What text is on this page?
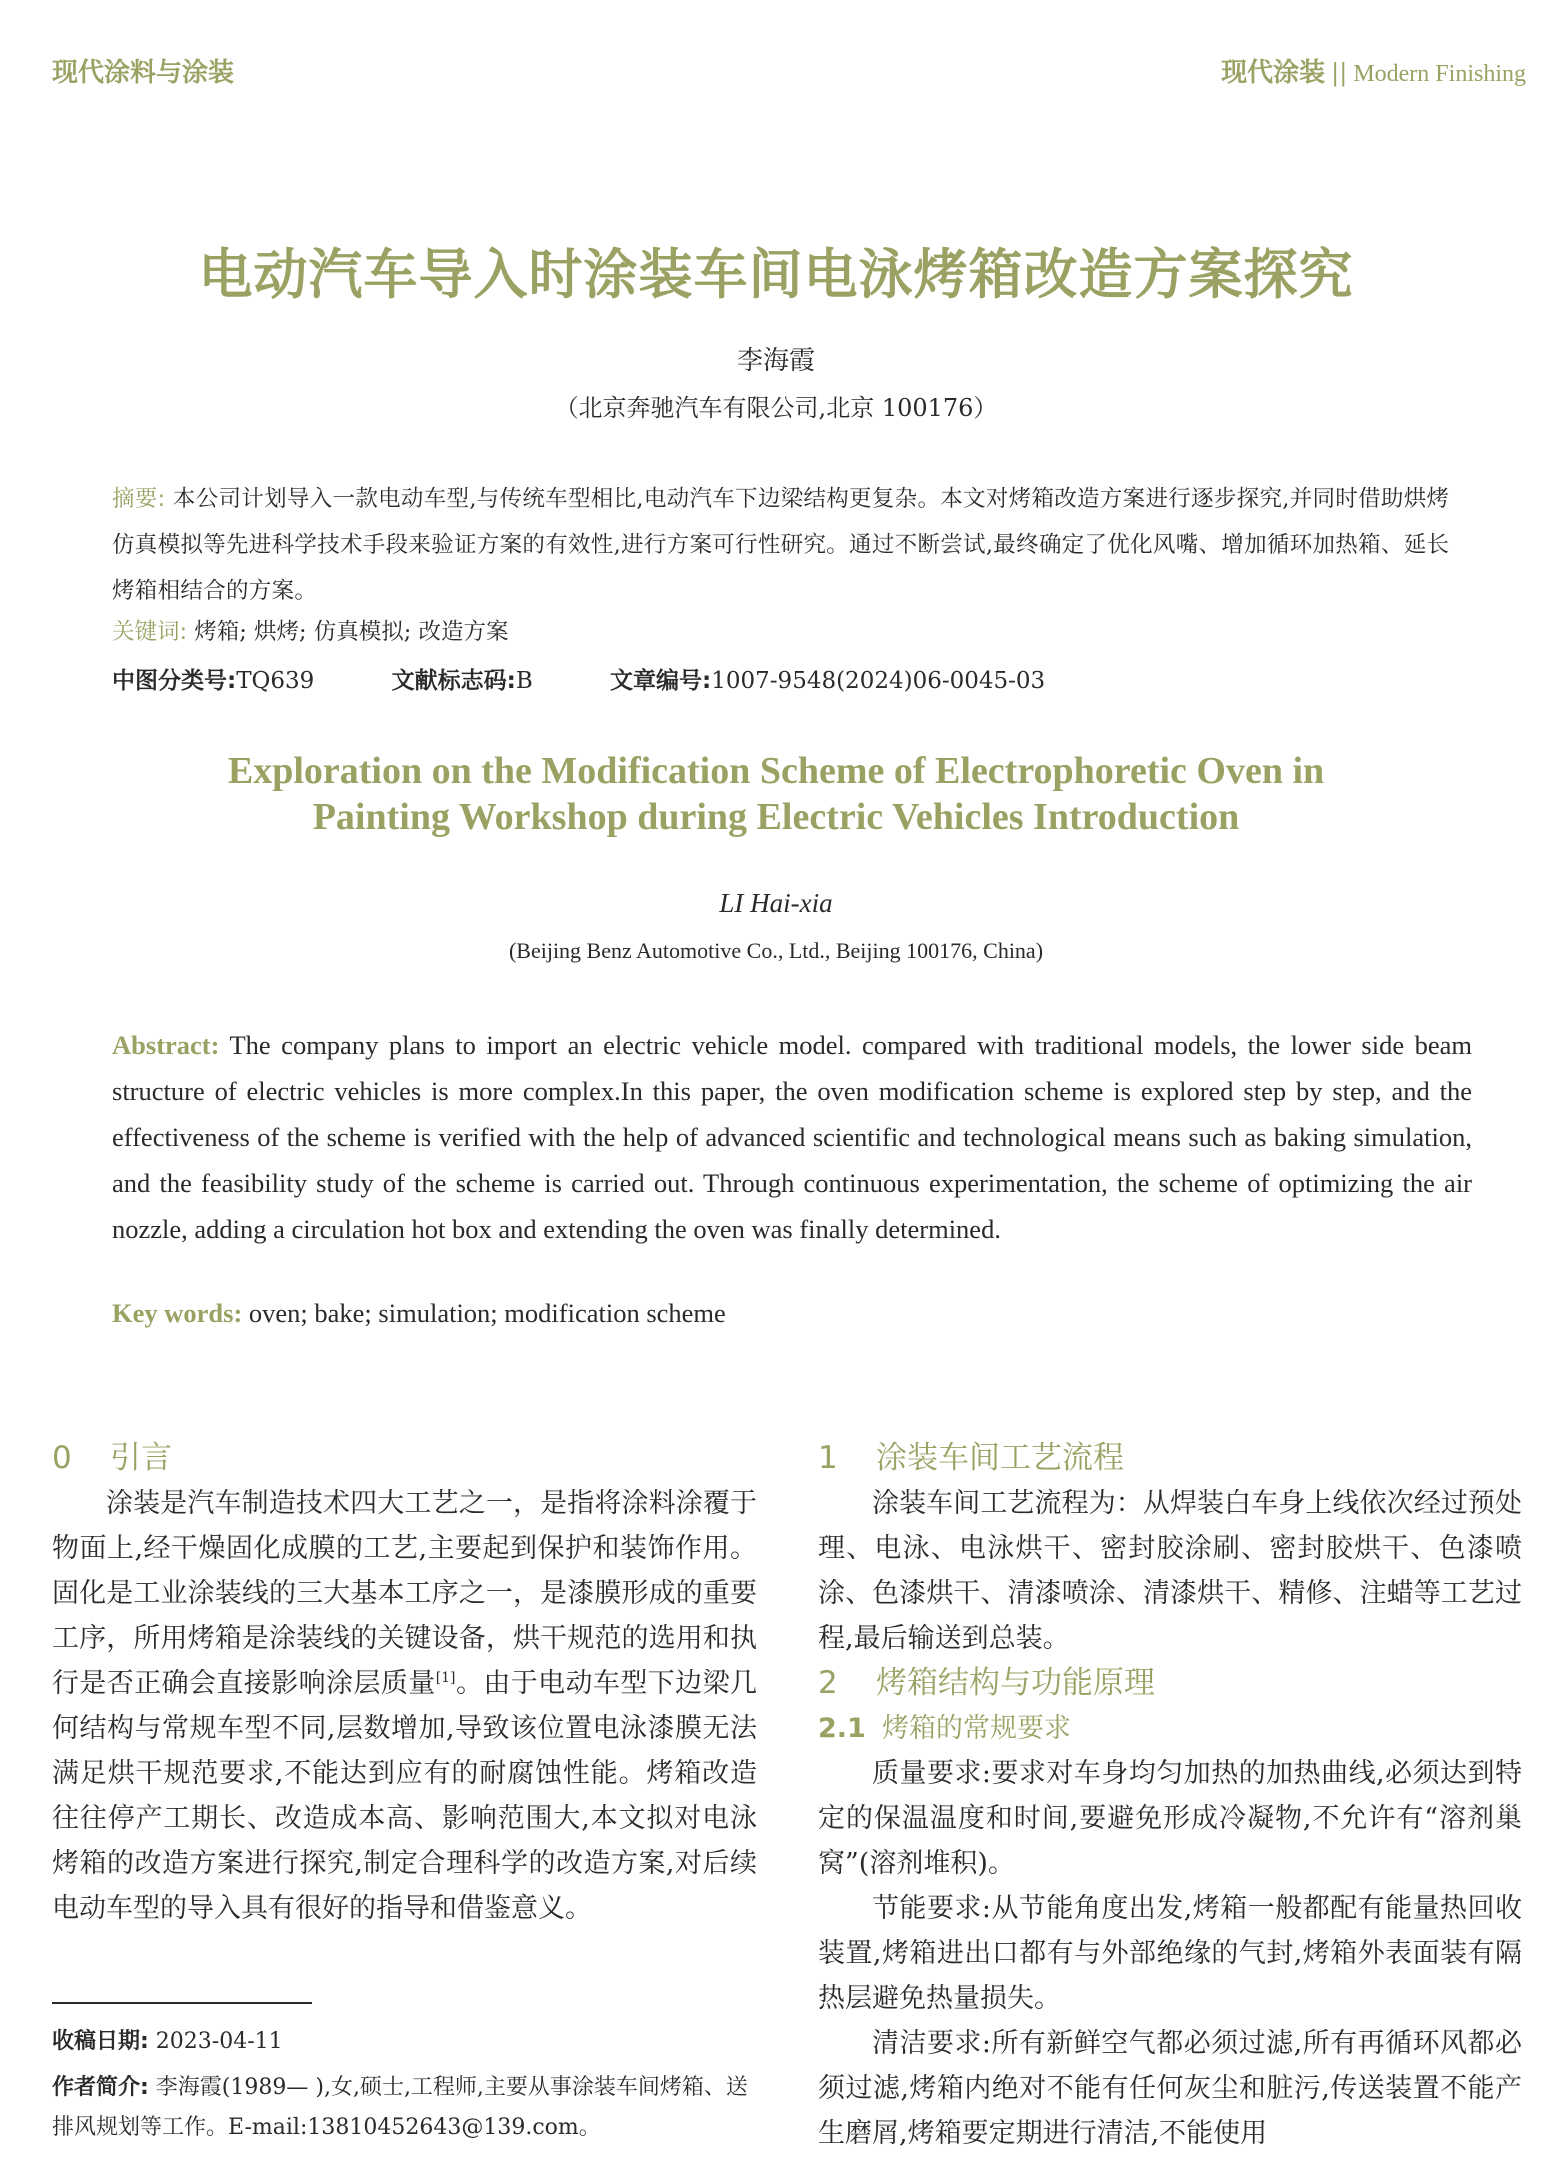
现代涂料与涂装	现代涂装 || Modern Finishing
电动汽车导入时涂装车间电泳烤箱改造方案探究
李海霞
（北京奔驰汽车有限公司,北京 100176）
摘要: 本公司计划导入一款电动车型,与传统车型相比,电动汽车下边梁结构更复杂。本文对烤箱改造方案进行逐步探究,并同时借助烘烤仿真模拟等先进科学技术手段来验证方案的有效性,进行方案可行性研究。通过不断尝试,最终确定了优化风嘴、增加循环加热箱、延长烤箱相结合的方案。
关键词: 烤箱; 烘烤; 仿真模拟; 改造方案
中图分类号:TQ639	文献标志码:B	文章编号:1007-9548(2024)06-0045-03
Exploration on the Modification Scheme of Electrophoretic Oven in
Painting Workshop during Electric Vehicles Introduction
LI Hai-xia
(Beijing Benz Automotive Co., Ltd., Beijing 100176, China)
Abstract: The company plans to import an electric vehicle model. compared with traditional models, the lower side beam structure of electric vehicles is more complex.In this paper, the oven modification scheme is explored step by step, and the effectiveness of the scheme is verified with the help of advanced scientific and technological means such as baking simulation, and the feasibility study of the scheme is carried out. Through continuous experimentation, the scheme of optimizing the air nozzle, adding a circulation hot box and extending the oven was finally determined.
Key words: oven; bake; simulation; modification scheme
0 引言

涂装是汽车制造技术四大工艺之一，是指将涂料涂覆于物面上,经干燥固化成膜的工艺,主要起到保护和装饰作用。固化是工业涂装线的三大基本工序之一，是漆膜形成的重要工序，所用烤箱是涂装线的关键设备，烘干规范的选用和执行是否正确会直接影响涂层质量[1]。由于电动车型下边梁几何结构与常规车型不同,层数增加,导致该位置电泳漆膜无法满足烘干规范要求,不能达到应有的耐腐蚀性能。烤箱改造往往停产工期长、改造成本高、影响范围大,本文拟对电泳烤箱的改造方案进行探究,制定合理科学的改造方案,对后续电动车型的导入具有很好的指导和借鉴意义。

收稿日期: 2023-04-11
作者简介: 李海霞(1989— ),女,硕士,工程师,主要从事涂装车间烤箱、送排风规划等工作。E-mail:13810452643@139.com。
1 涂装车间工艺流程

涂装车间工艺流程为：从焊装白车身上线依次经过预处理、电泳、电泳烘干、密封胶涂刷、密封胶烘干、色漆喷涂、色漆烘干、清漆喷涂、清漆烘干、精修、注蜡等工艺过程,最后输送到总装。

2 烤箱结构与功能原理
2.1 烤箱的常规要求

质量要求:要求对车身均匀加热的加热曲线,必须达到特定的保温温度和时间,要避免形成冷凝物,不允许有“溶剂巢窝”(溶剂堆积)。

节能要求:从节能角度出发,烤箱一般都配有能量热回收装置,烤箱进出口都有与外部绝缘的气封,烤箱外表面装有隔热层避免热量损失。

清洁要求:所有新鲜空气都必须过滤,所有再循环风都必须过滤,烤箱内绝对不能有任何灰尘和脏污,传送装置不能产生磨屑,烤箱要定期进行清洁,不能使用
